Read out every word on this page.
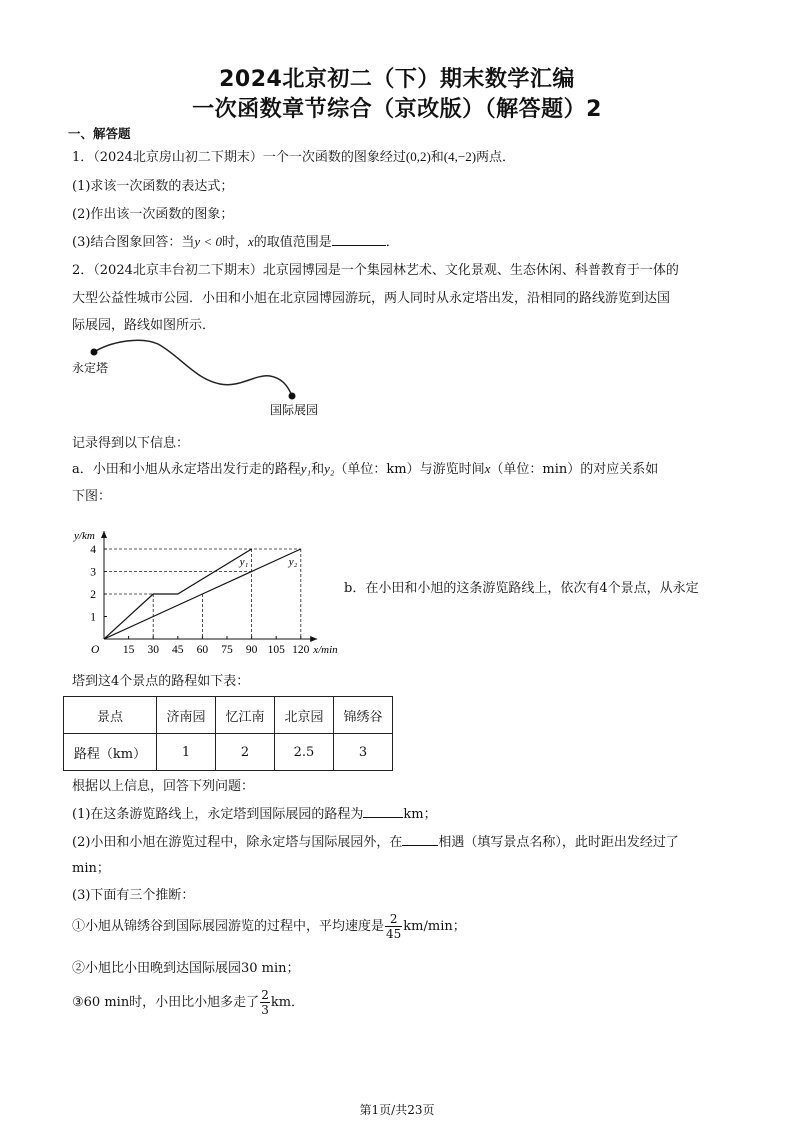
2024北京初二（下）期末数学汇编
一次函数章节综合（京改版）（解答题）2
一、解答题
1．（2024北京房山初二下期末）一个一次函数的图象经过(0,2)和(4,−2)两点．
(1)求该一次函数的表达式；
(2)作出该一次函数的图象；
(3)结合图象回答：当y < 0时，x的取值范围是	．
2．（2024北京丰台初二下期末）北京园博园是一个集园林艺术、文化景观、生态休闲、科普教育于一体的
大型公益性城市公园．小田和小旭在北京园博园游玩，两人同时从永定塔出发，沿相同的路线游览到达国
际展园，路线如图所示．
永定塔
国际展园
记录得到以下信息：
a．小田和小旭从永定塔出发行走的路程y₁和y₂（单位：km）与游览时间x（单位：min）的对应关系如
下图：
x/min
y/km
O 15 30 45 60 75 90 105 120
1
2
3
4
y₁	y₂
b．在小田和小旭的这条游览路线上，依次有4个景点，从永定
塔到这4个景点的路程如下表：
景点	济南园	忆江南	北京园	锦绣谷
路程（km）	1	2	2.5	3
根据以上信息，回答下列问题：
(1)在这条游览路线上，永定塔到国际展园的路程为	km；
(2)小田和小旭在游览过程中，除永定塔与国际展园外，在	相遇（填写景点名称），此时距出发经过了
min；
(3)下面有三个推断：
①小旭从锦绣谷到国际展园游览的过程中，平均速度是 $\frac{2}{45} km/\min$；
②小旭比小田晚到达国际展园30 min；
③60 min时，小田比小旭多走了 $\frac{2}{3}$ km．
第1页/共23页
